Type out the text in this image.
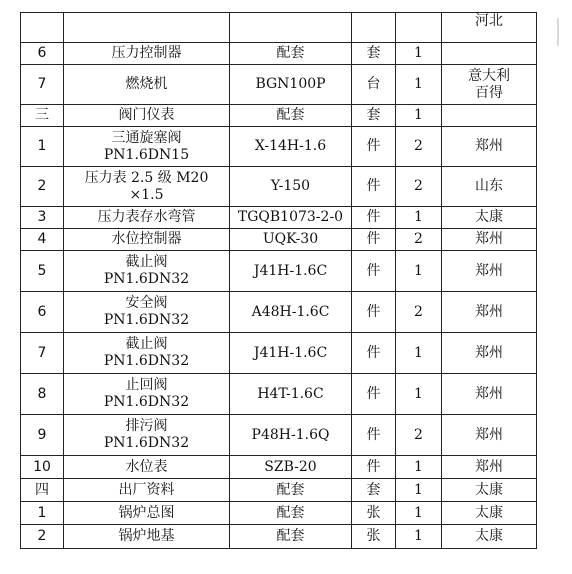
					河北

6	压力控制器	配套	套	1	

7	燃烧机	BGN100P	台	1	意大利
百得

三	阀门仪表	配套	套	1	

1	三通旋塞阀
PN1.6DN15	X-14H-1.6	件	2	郑州

2	压力表 2.5 级 M20
×1.5	Y-150	件	2	山东

3	压力表存水弯管	TGQB1073-2-0	件	1	太康

4	水位控制器	UQK-30	件	2	郑州

5	截止阀
PN1.6DN32	J41H-1.6C	件	1	郑州

6	安全阀
PN1.6DN32	A48H-1.6C	件	2	郑州

7	截止阀
PN1.6DN32	J41H-1.6C	件	1	郑州

8	止回阀
PN1.6DN32	H4T-1.6C	件	1	郑州

9	排污阀
PN1.6DN32	P48H-1.6Q	件	2	郑州

10	水位表	SZB-20	件	1	郑州

四	出厂资料	配套	套	1	太康

1	锅炉总图	配套	张	1	太康

2	锅炉地基	配套	张	1	太康
